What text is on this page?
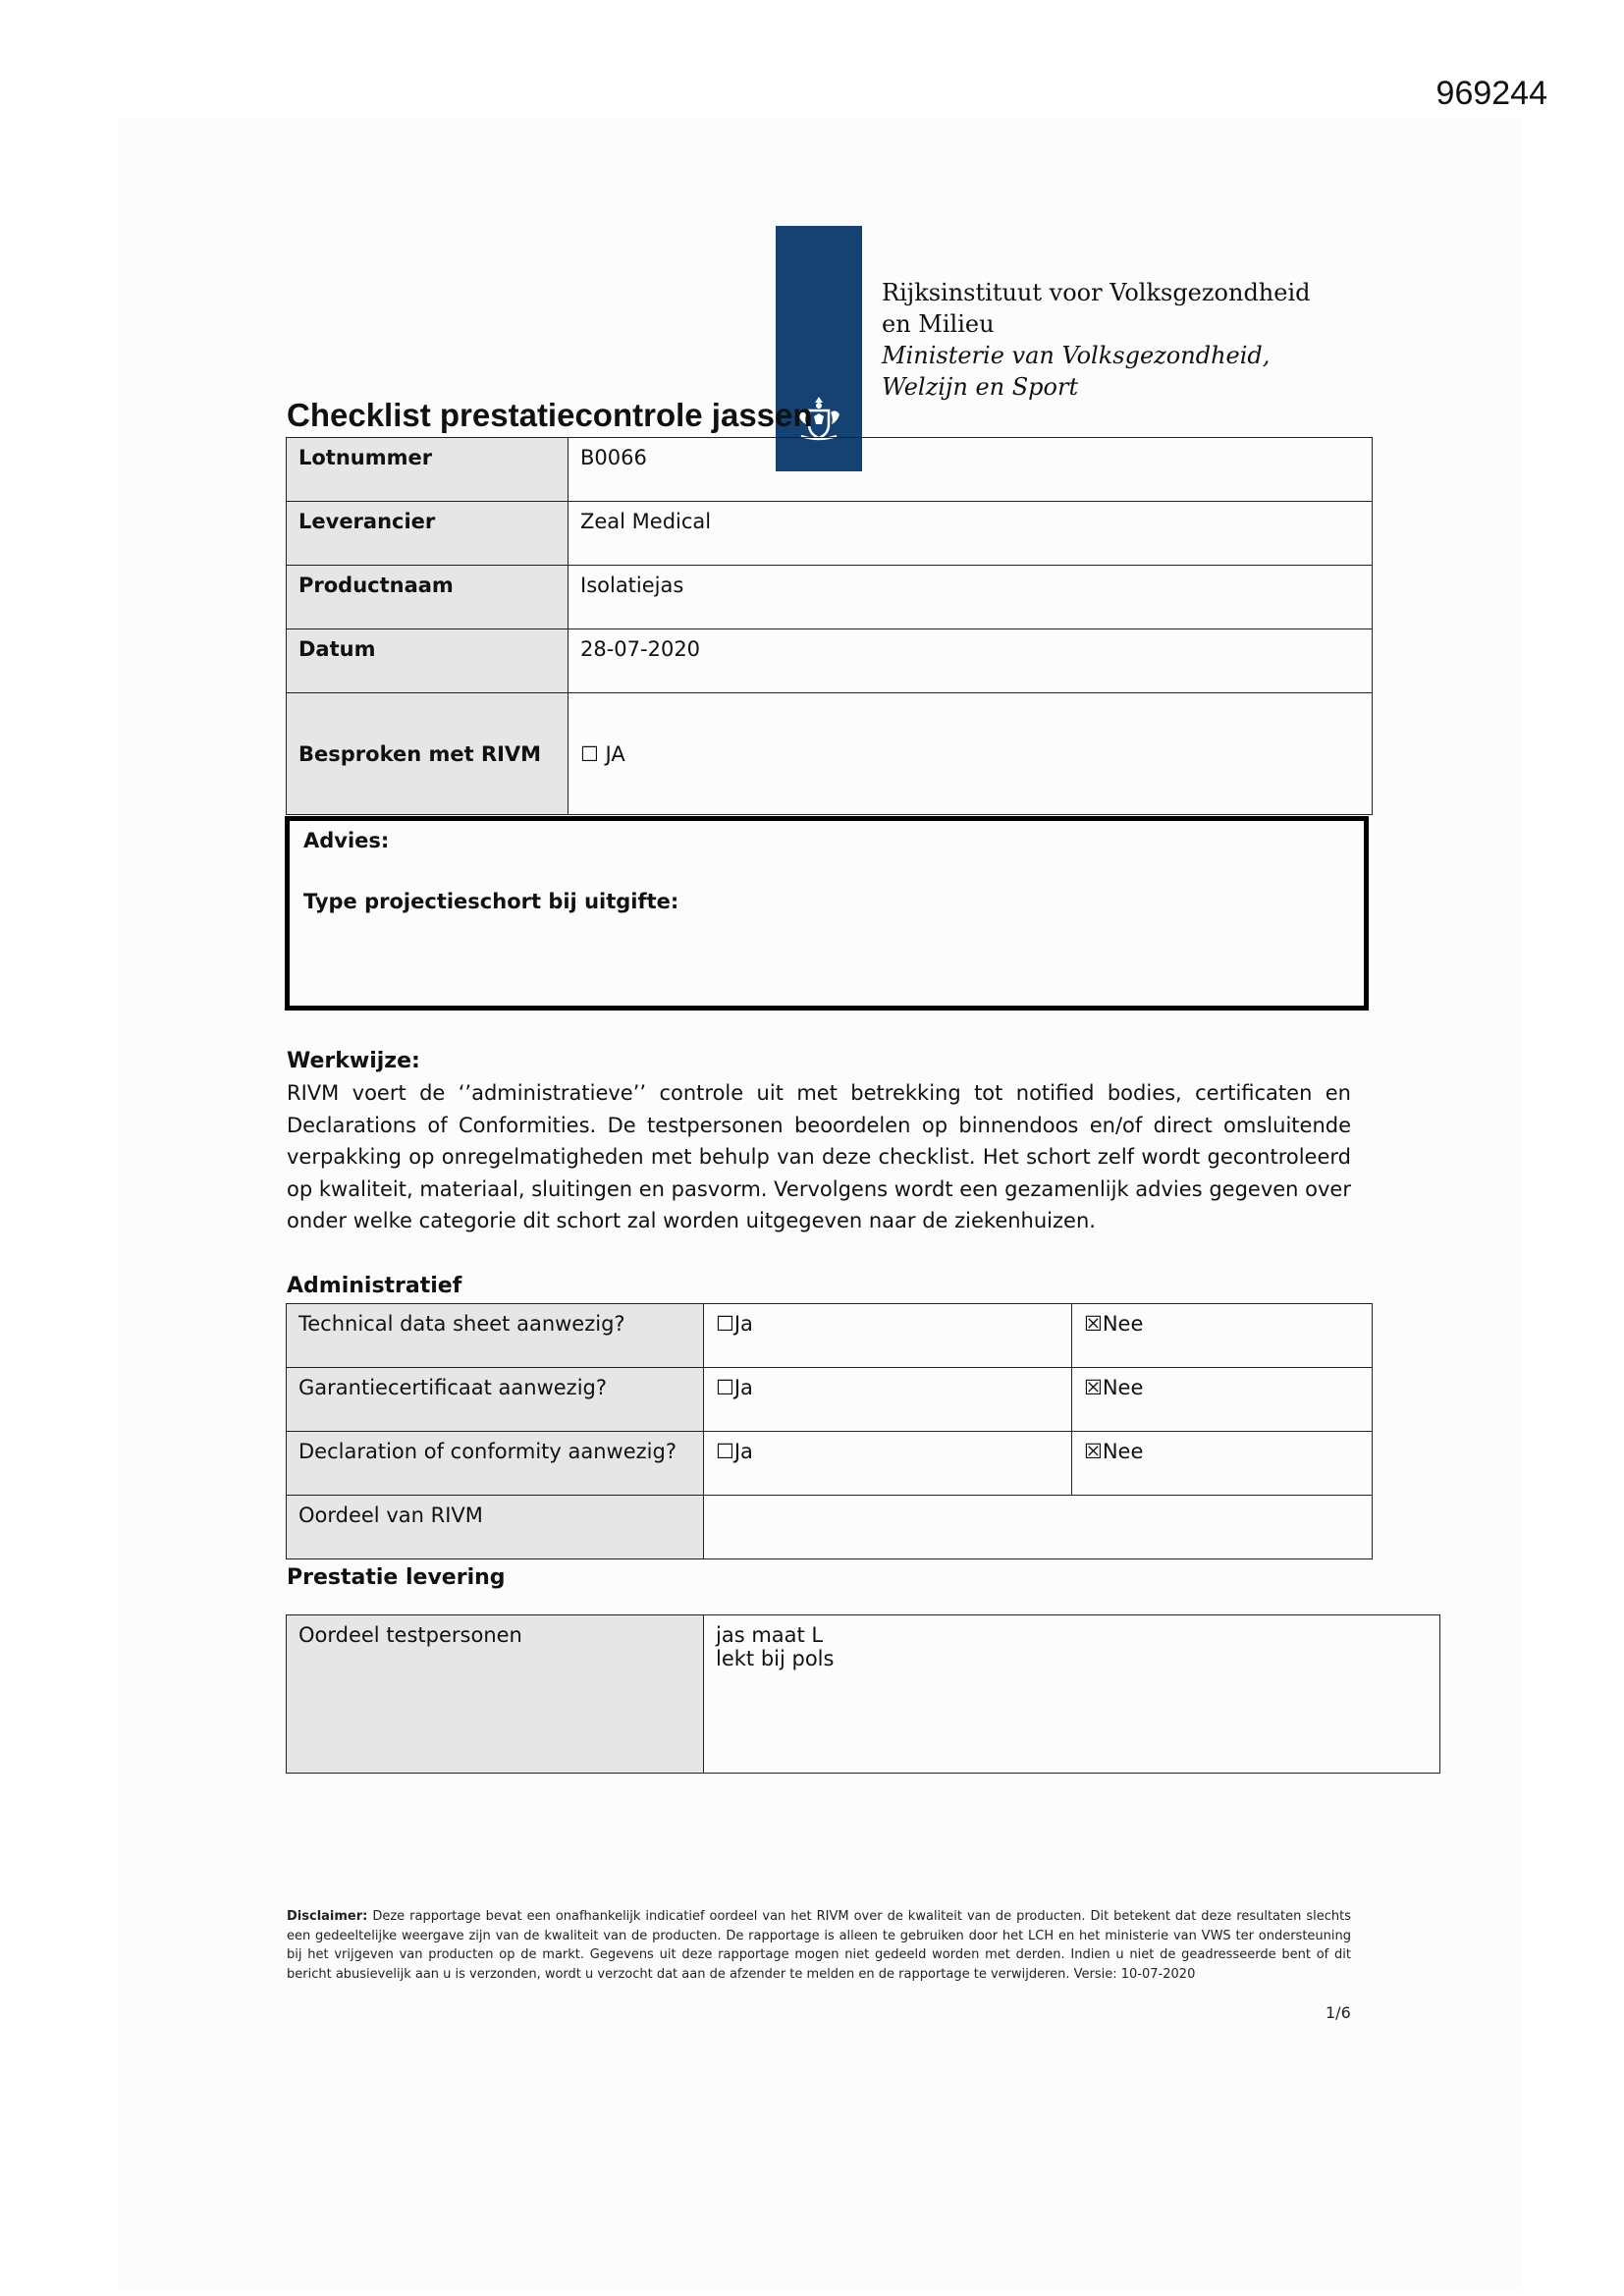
969244
Rijksinstituut voor Volksgezondheid
en Milieu
Ministerie van Volksgezondheid,
Welzijn en Sport
Checklist prestatiecontrole jassen
Lotnummer	B0066
Leverancier	Zeal Medical
Productnaam	Isolatiejas
Datum	28-07-2020
Besproken met RIVM	☐ JA
Advies:
Type projectieschort bij uitgifte:
Werkwijze:
RIVM voert de ‘’administratieve’’ controle uit met betrekking tot notified bodies, certificaten en Declarations of Conformities. De testpersonen beoordelen op binnendoos en/of direct omsluitende verpakking op onregelmatigheden met behulp van deze checklist. Het schort zelf wordt gecontroleerd op kwaliteit, materiaal, sluitingen en pasvorm. Vervolgens wordt een gezamenlijk advies gegeven over onder welke categorie dit schort zal worden uitgegeven naar de ziekenhuizen.
Administratief
Technical data sheet aanwezig?	☐Ja	☒Nee
Garantiecertificaat aanwezig?	☐Ja	☒Nee
Declaration of conformity aanwezig?	☐Ja	☒Nee
Oordeel van RIVM		
Prestatie levering
Oordeel testpersonen	jas maat L
lekt bij pols
Disclaimer: Deze rapportage bevat een onafhankelijk indicatief oordeel van het RIVM over de kwaliteit van de producten. Dit betekent dat deze resultaten slechts een gedeeltelijke weergave zijn van de kwaliteit van de producten. De rapportage is alleen te gebruiken door het LCH en het ministerie van VWS ter ondersteuning bij het vrijgeven van producten op de markt. Gegevens uit deze rapportage mogen niet gedeeld worden met derden. Indien u niet de geadresseerde bent of dit bericht abusievelijk aan u is verzonden, wordt u verzocht dat aan de afzender te melden en de rapportage te verwijderen. Versie: 10-07-2020
1/6
